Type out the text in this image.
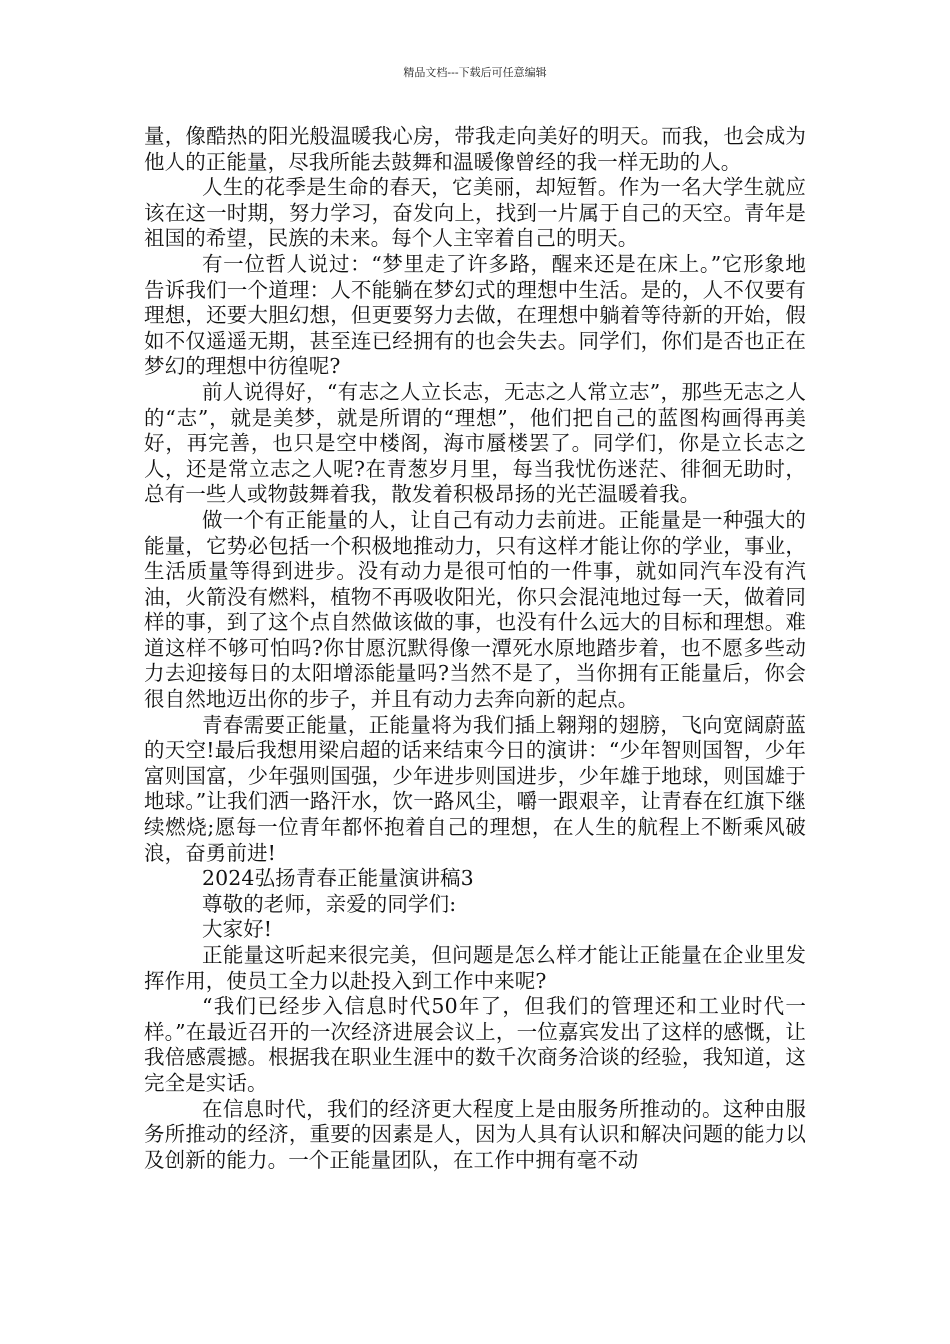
精品文档---下载后可任意编辑

量，像酷热的阳光般温暖我心房，带我走向美好的明天。而我，也会成为他人的正能量，尽我所能去鼓舞和温暖像曾经的我一样无助的人。

人生的花季是生命的春天，它美丽，却短暂。作为一名大学生就应该在这一时期，努力学习，奋发向上，找到一片属于自己的天空。青年是祖国的希望，民族的未来。每个人主宰着自己的明天。

有一位哲人说过：“梦里走了许多路，醒来还是在床上。”它形象地告诉我们一个道理：人不能躺在梦幻式的理想中生活。是的，人不仅要有理想，还要大胆幻想，但更要努力去做，在理想中躺着等待新的开始，假如不仅遥遥无期，甚至连已经拥有的也会失去。同学们，你们是否也正在梦幻的理想中彷徨呢?

前人说得好，“有志之人立长志，无志之人常立志”，那些无志之人的“志”，就是美梦，就是所谓的“理想”，他们把自己的蓝图构画得再美好，再完善，也只是空中楼阁，海市蜃楼罢了。同学们，你是立长志之人，还是常立志之人呢?在青葱岁月里，每当我忧伤迷茫、徘徊无助时，总有一些人或物鼓舞着我，散发着积极昂扬的光芒温暖着我。

做一个有正能量的人，让自己有动力去前进。正能量是一种强大的能量，它势必包括一个积极地推动力，只有这样才能让你的学业，事业，生活质量等得到进步。没有动力是很可怕的一件事，就如同汽车没有汽油，火箭没有燃料，植物不再吸收阳光，你只会混沌地过每一天，做着同样的事，到了这个点自然做该做的事，也没有什么远大的目标和理想。难道这样不够可怕吗?你甘愿沉默得像一潭死水原地踏步着，也不愿多些动力去迎接每日的太阳增添能量吗?当然不是了，当你拥有正能量后，你会很自然地迈出你的步子，并且有动力去奔向新的起点。

青春需要正能量，正能量将为我们插上翱翔的翅膀，飞向宽阔蔚蓝的天空!最后我想用梁启超的话来结束今日的演讲：“少年智则国智，少年富则国富，少年强则国强，少年进步则国进步，少年雄于地球，则国雄于地球。”让我们洒一路汗水，饮一路风尘，嚼一跟艰辛，让青春在红旗下继续燃烧;愿每一位青年都怀抱着自己的理想，在人生的航程上不断乘风破浪，奋勇前进!

2024弘扬青春正能量演讲稿3

尊敬的老师，亲爱的同学们:

大家好!

正能量这听起来很完美，但问题是怎么样才能让正能量在企业里发挥作用，使员工全力以赴投入到工作中来呢?

“我们已经步入信息时代50年了，但我们的管理还和工业时代一样。”在最近召开的一次经济进展会议上，一位嘉宾发出了这样的感慨，让我倍感震撼。根据我在职业生涯中的数千次商务洽谈的经验，我知道，这完全是实话。

在信息时代，我们的经济更大程度上是由服务所推动的。这种由服务所推动的经济，重要的因素是人，因为人具有认识和解决问题的能力以及创新的能力。一个正能量团队，在工作中拥有毫不动
